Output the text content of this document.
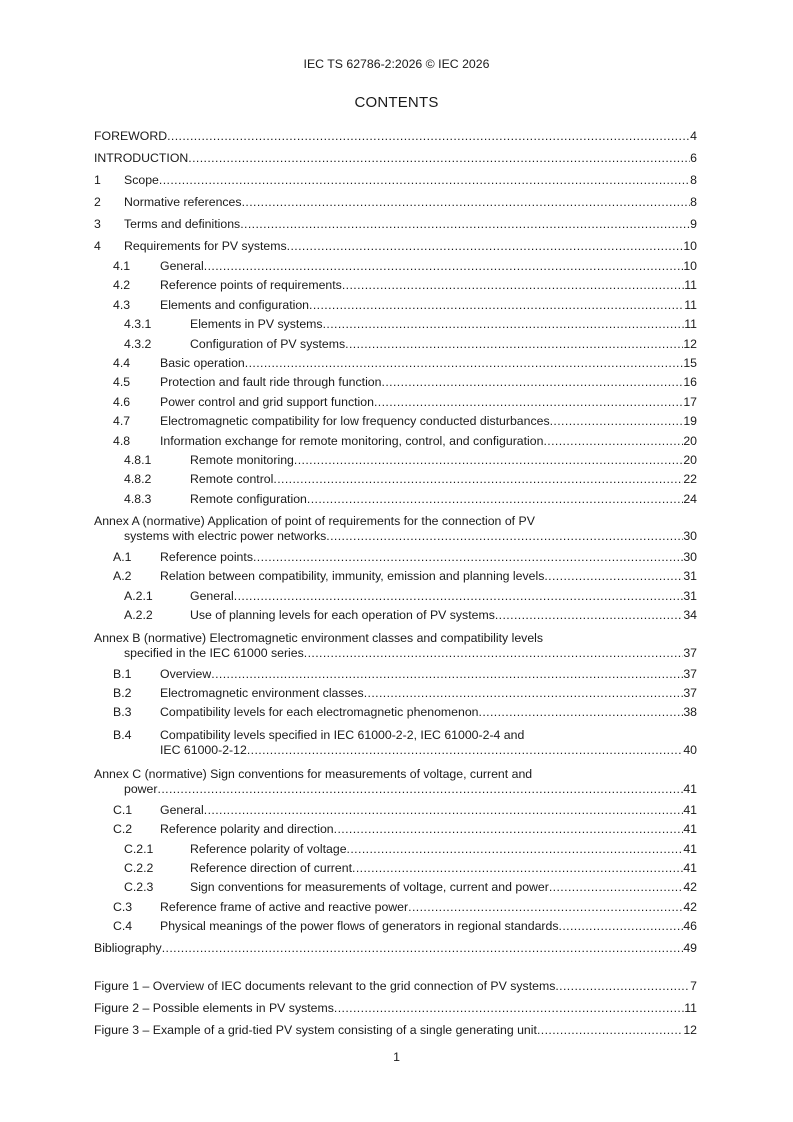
IEC TS 62786-2:2026 © IEC 2026
CONTENTS
FOREWORD .....	4
INTRODUCTION .....	6
1 Scope .....	8
2 Normative references .....	8
3 Terms and definitions .....	9
4 Requirements for PV systems .....	10
4.1 General .....	10
4.2 Reference points of requirements .....	11
4.3 Elements and configuration .....	11
4.3.1	Elements in PV systems .....	11
4.3.2	Configuration of PV systems .....	12
4.4 Basic operation .....	15
4.5 Protection and fault ride through function .....	16
4.6 Power control and grid support function .....	17
4.7 Electromagnetic compatibility for low frequency conducted disturbances .....	19
4.8 Information exchange for remote monitoring, control, and configuration .....	20
4.8.1	Remote monitoring .....	20
4.8.2	Remote control .....	22
4.8.3	Remote configuration .....	24
Annex A (normative) Application of point of requirements for the connection of PV
systems with electric power networks .....	30
A.1 Reference points .....	30
A.2 Relation between compatibility, immunity, emission and planning levels .....	31
A.2.1	General .....	31
A.2.2	Use of planning levels for each operation of PV systems .....	34
Annex B (normative) Electromagnetic environment classes and compatibility levels
specified in the IEC 61000 series .....	37
B.1 Overview .....	37
B.2 Electromagnetic environment classes .....	37
B.3 Compatibility levels for each electromagnetic phenomenon .....	38
B.4	Compatibility levels specified in IEC 61000-2-2, IEC 61000-2-4 and
IEC 61000-2-12 .....	40
Annex C (normative) Sign conventions for measurements of voltage, current and
power .....	41
C.1 General .....	41
C.2 Reference polarity and direction .....	41
C.2.1	Reference polarity of voltage .....	41
C.2.2	Reference direction of current .....	41
C.2.3	Sign conventions for measurements of voltage, current and power .....	42
C.3 Reference frame of active and reactive power .....	42
C.4 Physical meanings of the power flows of generators in regional standards .....	46
Bibliography .....	49
Figure 1 – Overview of IEC documents relevant to the grid connection of PV systems .....	7
Figure 2 – Possible elements in PV systems .....	11
Figure 3 – Example of a grid-tied PV system consisting of a single generating unit .....	12
1
